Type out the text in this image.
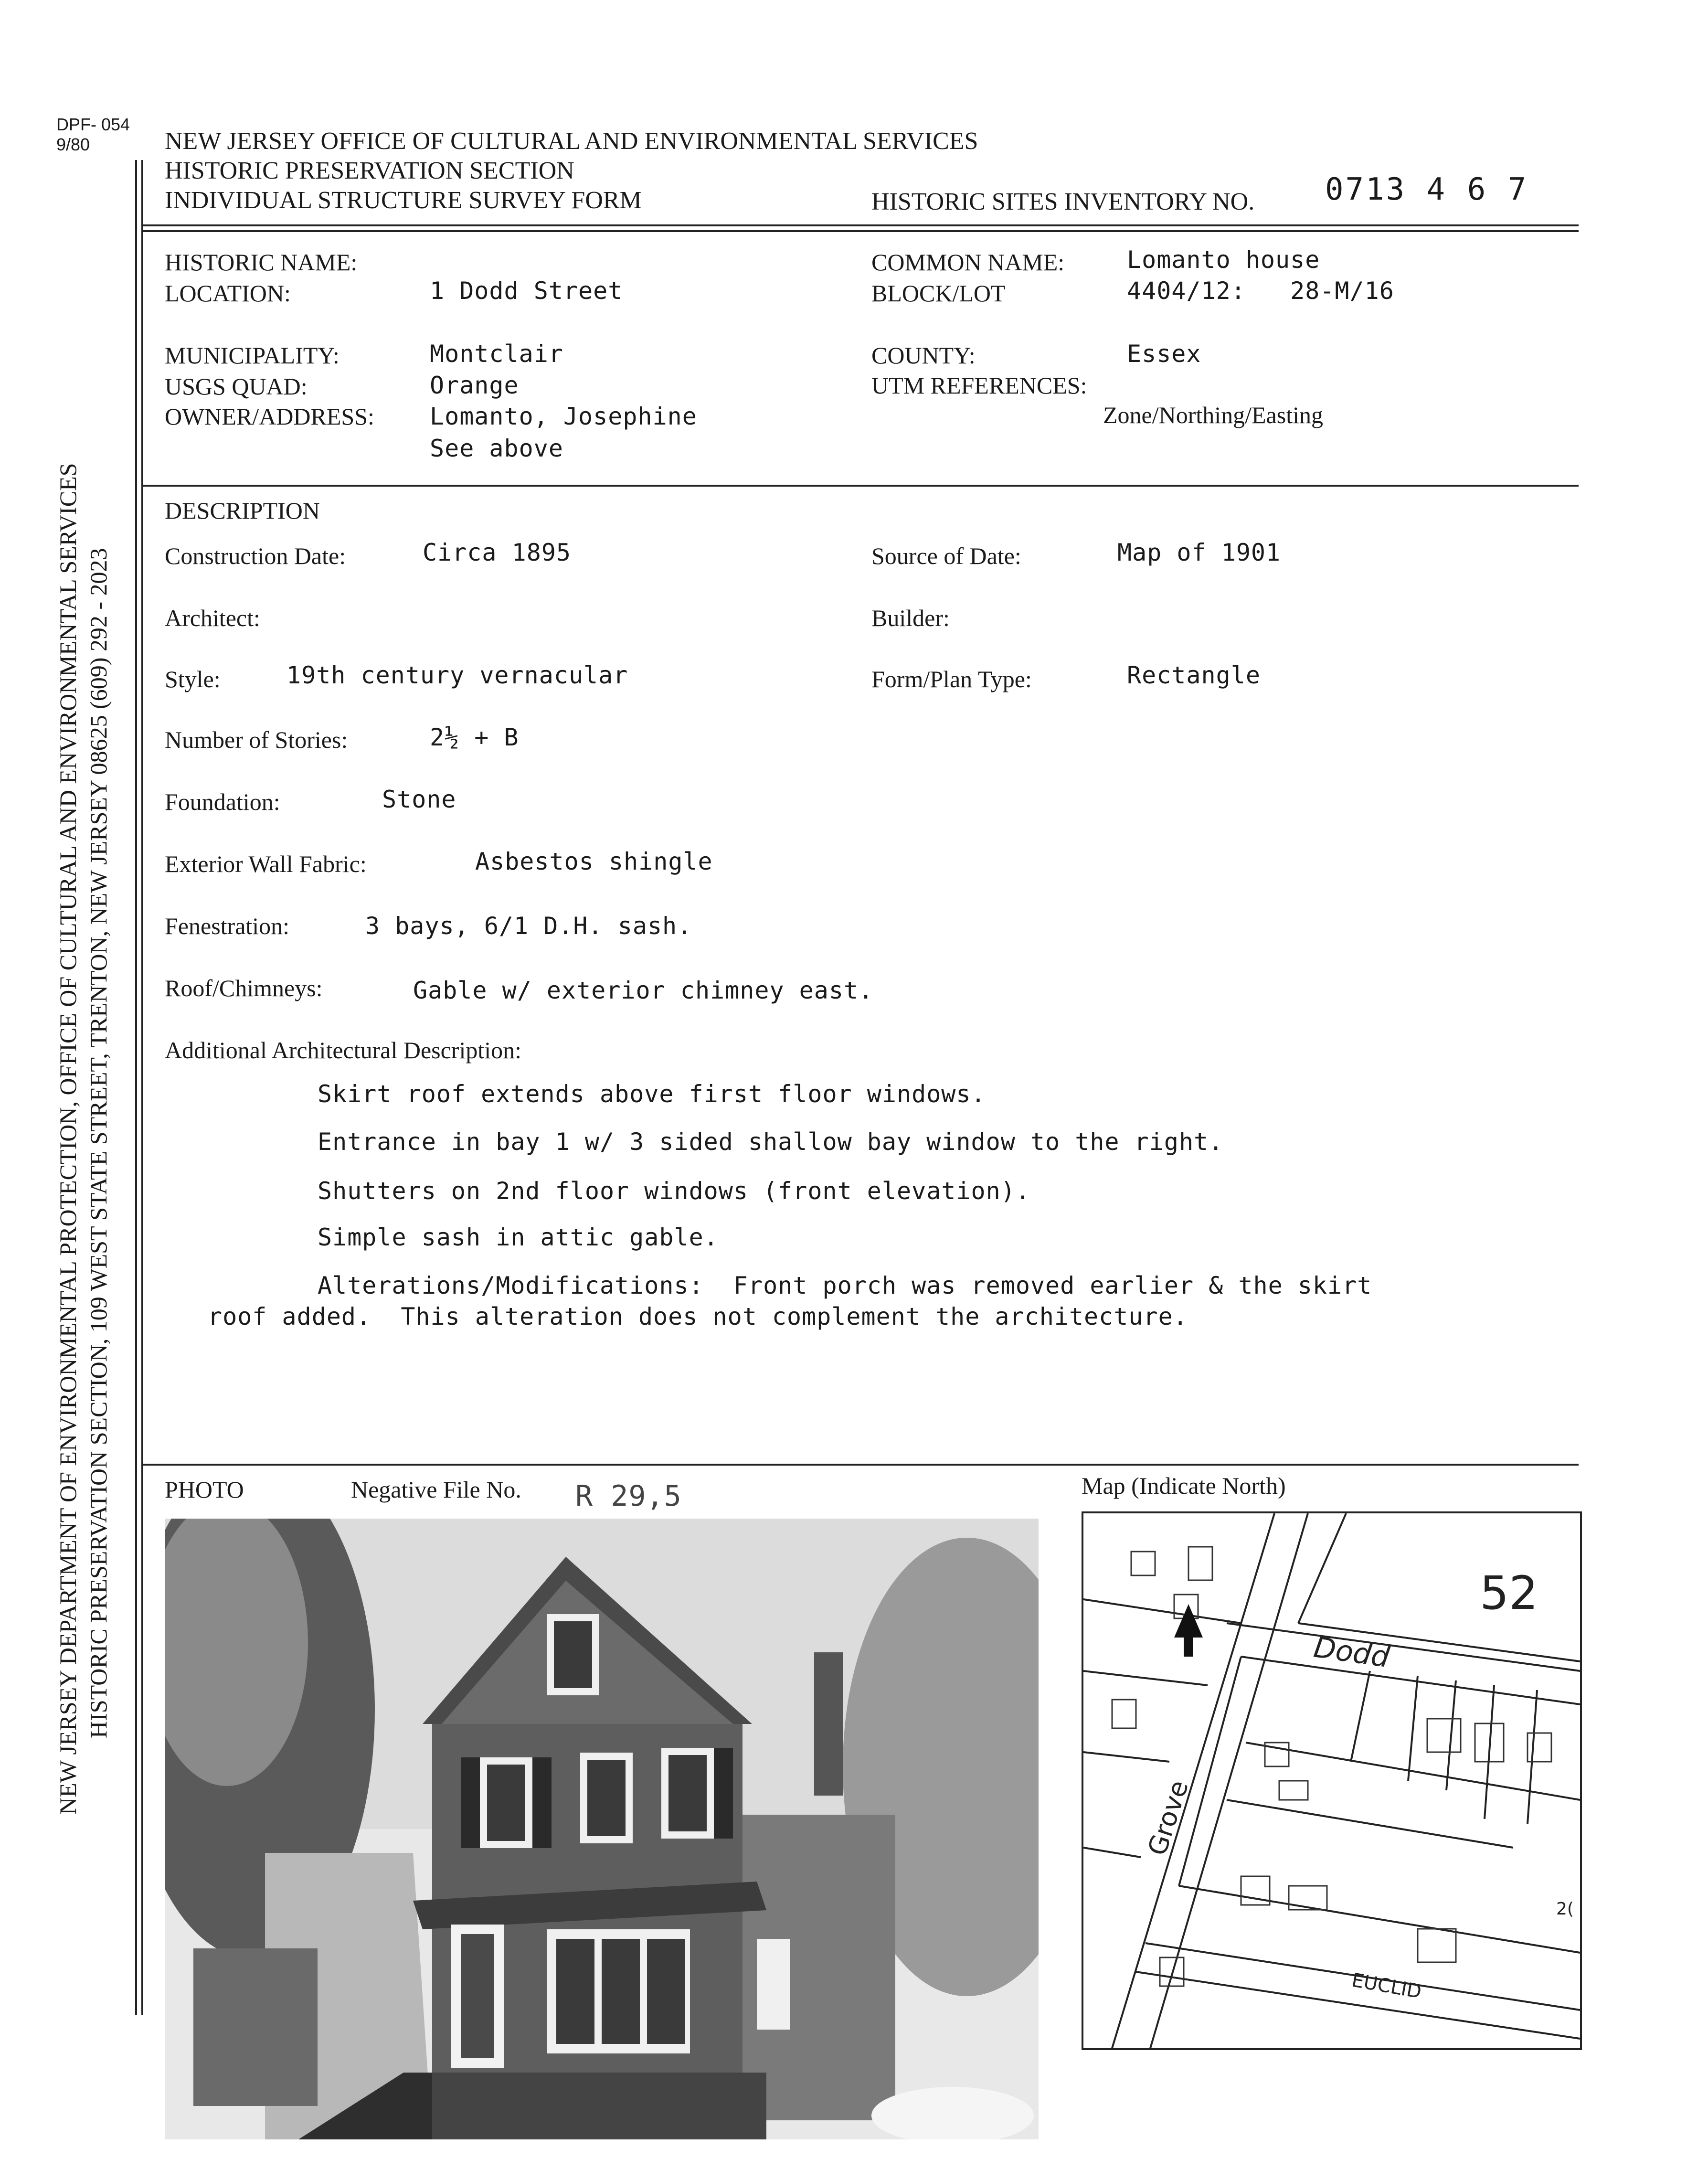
DPF- 054
9/80	NEW JERSEY OFFICE OF CULTURAL AND ENVIRONMENTAL SERVICES
HISTORIC PRESERVATION SECTION
INDIVIDUAL STRUCTURE SURVEY FORM	HISTORIC SITES INVENTORY NO. 0713 4 6 7
NEW JERSEY DEPARTMENT OF ENVIRONMENTAL PROTECTION, OFFICE OF CULTURAL AND ENVIRONMENTAL SERVICES HISTORIC PRESERVATION SECTION, 109 WEST STATE STREET, TRENTON, NEW JERSEY 08625 (609) 292 - 2023
HISTORIC NAME:
LOCATION:	1 Dodd Street
COMMON NAME:	Lomanto house
BLOCK/LOT	4404/12:   28-M/16
MUNICIPALITY:	Montclair
USGS QUAD:	Orange
OWNER/ADDRESS: Lomanto, Josephine
See above
COUNTY:	Essex
UTM REFERENCES:
Zone/Northing/Easting
DESCRIPTION
Construction Date:	Circa 1895	Source of Date:	Map of 1901
Architect:	Builder:
Style:	19th century vernacular	Form/Plan Type:	Rectangle
Number of Stories:	2½ + B
Foundation:	Stone
Exterior Wall Fabric:	Asbestos shingle
Fenestration:	3 bays, 6/1 D.H. sash.
Roof/Chimneys:	Gable w/ exterior chimney east.
Additional Architectural Description:
Skirt roof extends above first floor windows.
Entrance in bay 1 w/ 3 sided shallow bay window to the right.
Shutters on 2nd floor windows (front elevation).
Simple sash in attic gable.
Alterations/Modifications:  Front porch was removed earlier & the skirt
roof added.  This alteration does not complement the architecture.
PHOTO	Negative File No. R 29,5	Map (Indicate North)
Dodd
Grove
EUCLID
52
2(
